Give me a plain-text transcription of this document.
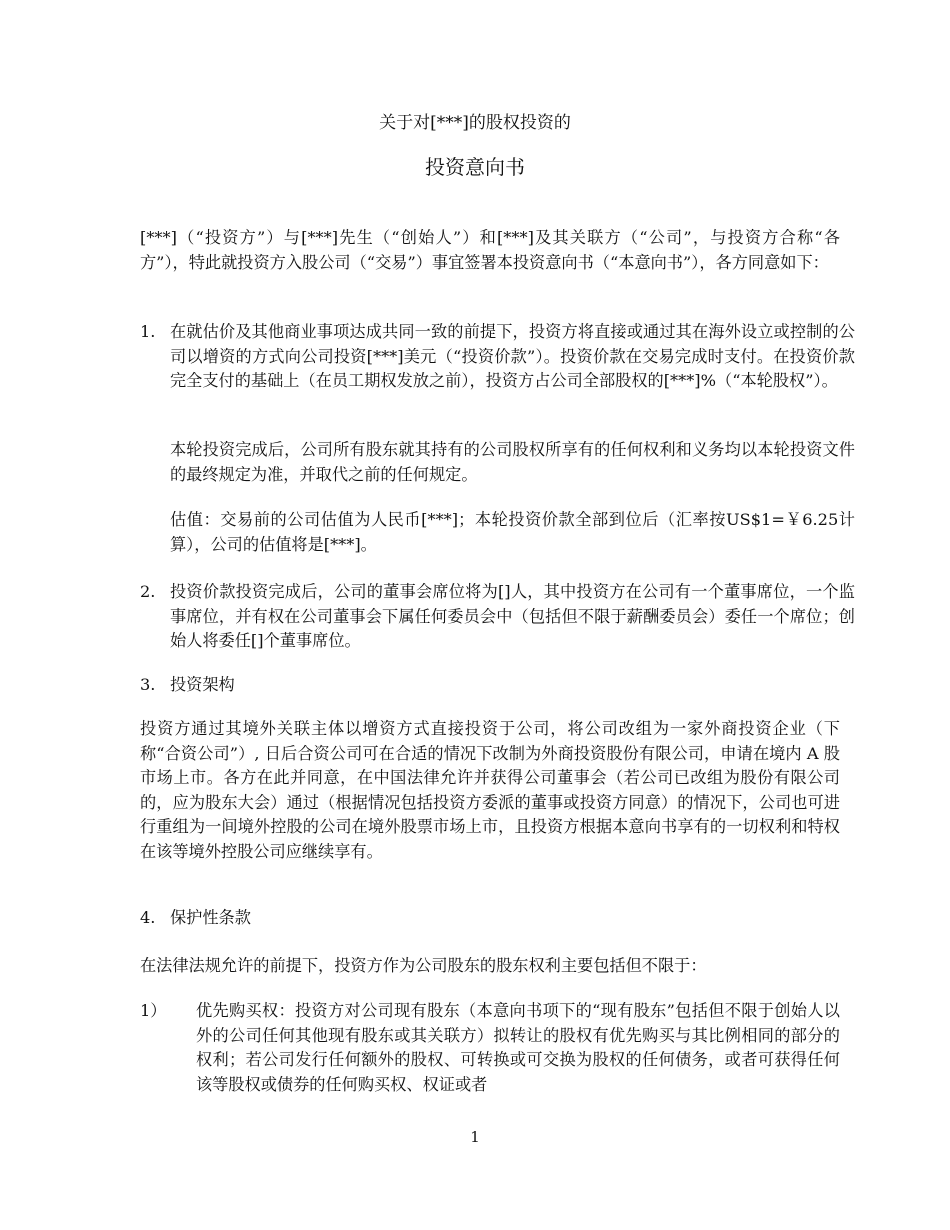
关于对[***]的股权投资的
投资意向书

[***]（“投资方”）与[***]先生（“创始人”）和[***]及其关联方（“公司”，与投资方合称“各方”），特此就投资方入股公司（“交易”）事宜签署本投资意向书（“本意向书”），各方同意如下：

1. 在就估价及其他商业事项达成共同一致的前提下，投资方将直接或通过其在海外设立或控制的公司以增资的方式向公司投资[***]美元（“投资价款”）。投资价款在交易完成时支付。在投资价款完全支付的基础上（在员工期权发放之前），投资方占公司全部股权的[***]%（“本轮股权”）。

本轮投资完成后，公司所有股东就其持有的公司股权所享有的任何权利和义务均以本轮投资文件的最终规定为准，并取代之前的任何规定。

估值：交易前的公司估值为人民币[***]；本轮投资价款全部到位后（汇率按US$1=￥6.25计算），公司的估值将是[***]。

2. 投资价款投资完成后，公司的董事会席位将为[]人，其中投资方在公司有一个董事席位，一个监事席位，并有权在公司董事会下属任何委员会中（包括但不限于薪酬委员会）委任一个席位；创始人将委任[]个董事席位。

3. 投资架构

投资方通过其境外关联主体以增资方式直接投资于公司，将公司改组为一家外商投资企业（下称“合资公司”）, 日后合资公司可在合适的情况下改制为外商投资股份有限公司，申请在境内 A 股市场上市。各方在此并同意，在中国法律允许并获得公司董事会（若公司已改组为股份有限公司的，应为股东大会）通过（根据情况包括投资方委派的董事或投资方同意）的情况下，公司也可进行重组为一间境外控股的公司在境外股票市场上市，且投资方根据本意向书享有的一切权利和特权在该等境外控股公司应继续享有。

4. 保护性条款

在法律法规允许的前提下，投资方作为公司股东的股东权利主要包括但不限于：

1） 优先购买权：投资方对公司现有股东（本意向书项下的“现有股东”包括但不限于创始人以外的公司任何其他现有股东或其关联方）拟转让的股权有优先购买与其比例相同的部分的权利；若公司发行任何额外的股权、可转换或可交换为股权的任何债务，或者可获得任何该等股权或债券的任何购买权、权证或者

1
